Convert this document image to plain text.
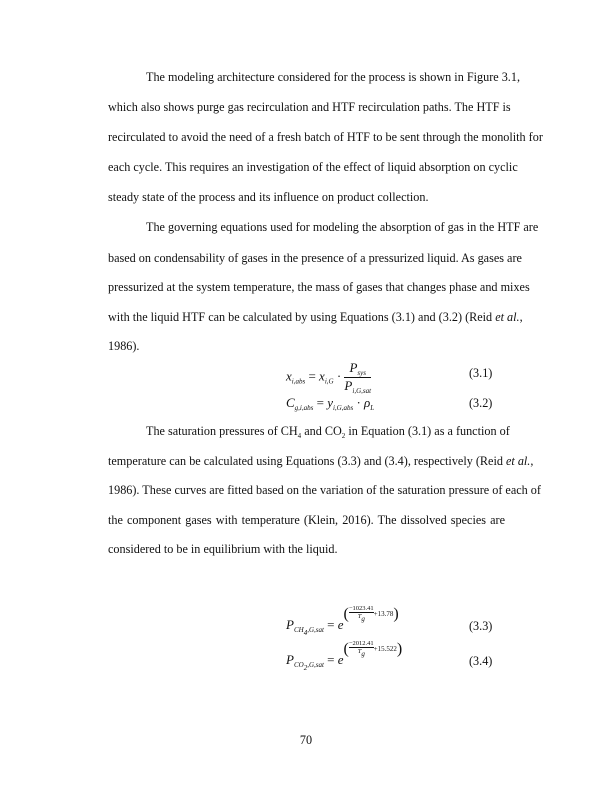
The modeling architecture considered for the process is shown in Figure 3.1,
which also shows purge gas recirculation and HTF recirculation paths. The HTF is
recirculated to avoid the need of a fresh batch of HTF to be sent through the monolith for
each cycle. This requires an investigation of the effect of liquid absorption on cyclic
steady state of the process and its influence on product collection.
The governing equations used for modeling the absorption of gas in the HTF are
based on condensability of gases in the presence of a pressurized liquid. As gases are
pressurized at the system temperature, the mass of gases that changes phase and mixes
with the liquid HTF can be calculated by using Equations (3.1) and (3.2) (Reid et al.,
1986).
The saturation pressures of $CH_4$ and $CO_2$ in Equation (3.1) as a function of
temperature can be calculated using Equations (3.3) and (3.4), respectively (Reid et al.,
1986). These curves are fitted based on the variation of the saturation pressure of each of
the component gases with temperature (Klein, 2016). The dissolved species are
considered to be in equilibrium with the liquid.
$x_{i,abs} = x_{i,G} \cdot \frac{P_{sys}}{P_{i,G,sat}}$	(3.1)
$C_{g,i,abs} = y_{i,G,abs} \cdot \rho_L$	(3.2)
$P_{CH_4,G,sat} = e^{( \frac{-1023.41}{T_g} +13.78)}$
(3.3)
$P_{CO_2,G,sat} = e^{( \frac{-2012.41}{T_g} +15.522)}$
(3.4)
70
